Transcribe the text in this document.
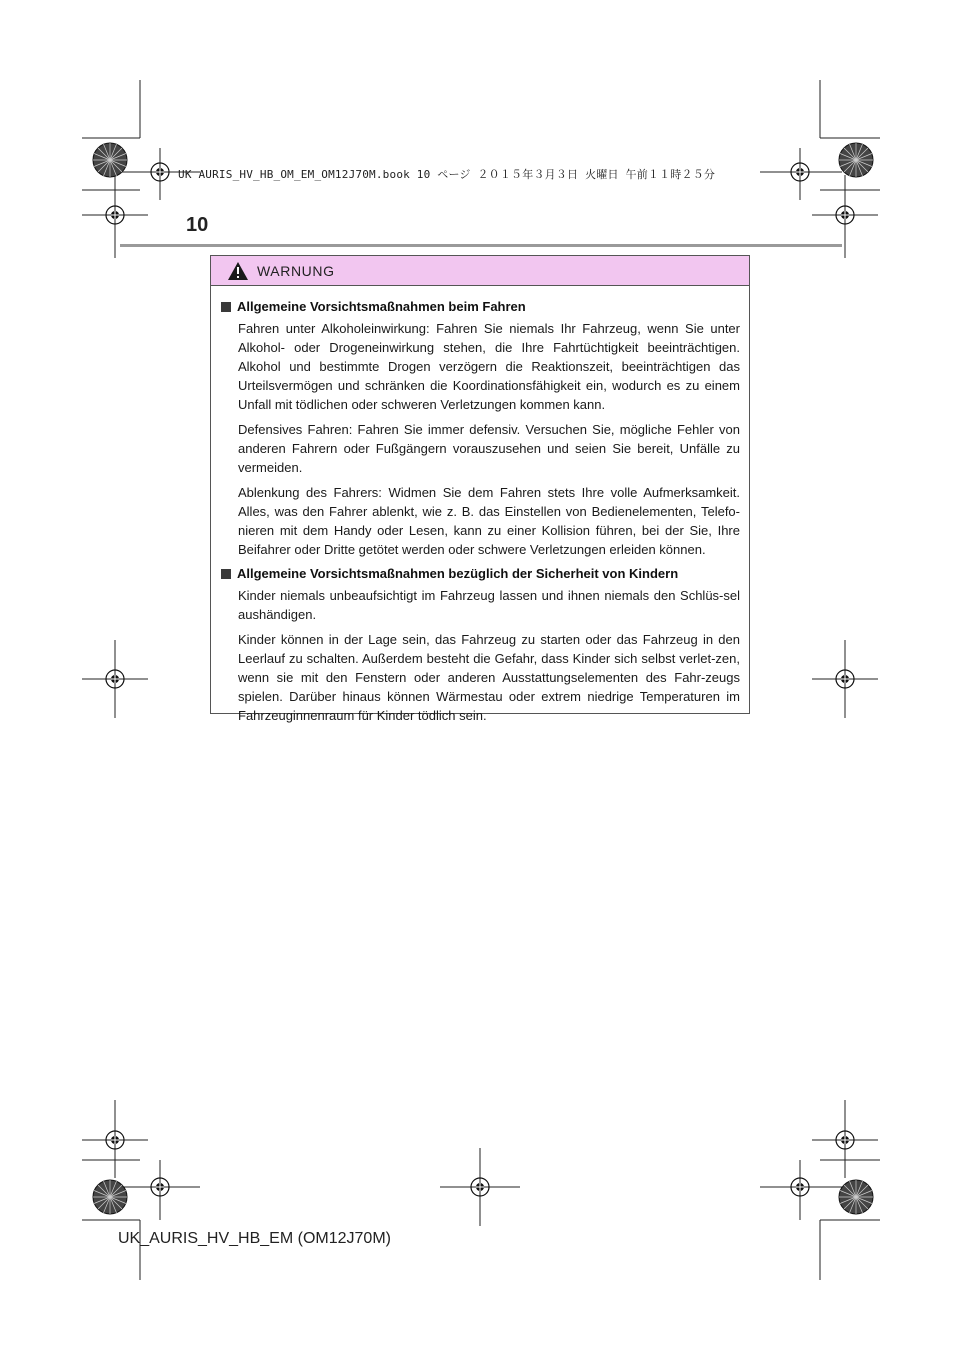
UK AURIS_HV_HB_OM_EM_OM12J70M.book 10 ページ ２０１５年３月３日 火曜日 午前１１時２５分
10
WARNUNG
Allgemeine Vorsichtsmaßnahmen beim Fahren

Fahren unter Alkoholeinwirkung: Fahren Sie niemals Ihr Fahrzeug, wenn Sie unter Alkohol- oder Drogeneinwirkung stehen, die Ihre Fahrtüchtigkeit beeinträchtigen. Alkohol und bestimmte Drogen verzögern die Reaktionszeit, beeinträchtigen das Urteilsvermögen und schränken die Koordinationsfähigkeit ein, wodurch es zu einem Unfall mit tödlichen oder schweren Verletzungen kommen kann.

Defensives Fahren: Fahren Sie immer defensiv. Versuchen Sie, mögliche Fehler von anderen Fahrern oder Fußgängern vorauszusehen und seien Sie bereit, Unfälle zu vermeiden.

Ablenkung des Fahrers: Widmen Sie dem Fahren stets Ihre volle Aufmerksamkeit. Alles, was den Fahrer ablenkt, wie z. B. das Einstellen von Bedienelementen, Telefo-nieren mit dem Handy oder Lesen, kann zu einer Kollision führen, bei der Sie, Ihre Beifahrer oder Dritte getötet werden oder schwere Verletzungen erleiden können.

Allgemeine Vorsichtsmaßnahmen bezüglich der Sicherheit von Kindern

Kinder niemals unbeaufsichtigt im Fahrzeug lassen und ihnen niemals den Schlüs-sel aushändigen.

Kinder können in der Lage sein, das Fahrzeug zu starten oder das Fahrzeug in den Leerlauf zu schalten. Außerdem besteht die Gefahr, dass Kinder sich selbst verlet-zen, wenn sie mit den Fenstern oder anderen Ausstattungselementen des Fahr-zeugs spielen. Darüber hinaus können Wärmestau oder extrem niedrige Temperaturen im Fahrzeuginnenraum für Kinder tödlich sein.

UK_AURIS_HV_HB_EM (OM12J70M)
